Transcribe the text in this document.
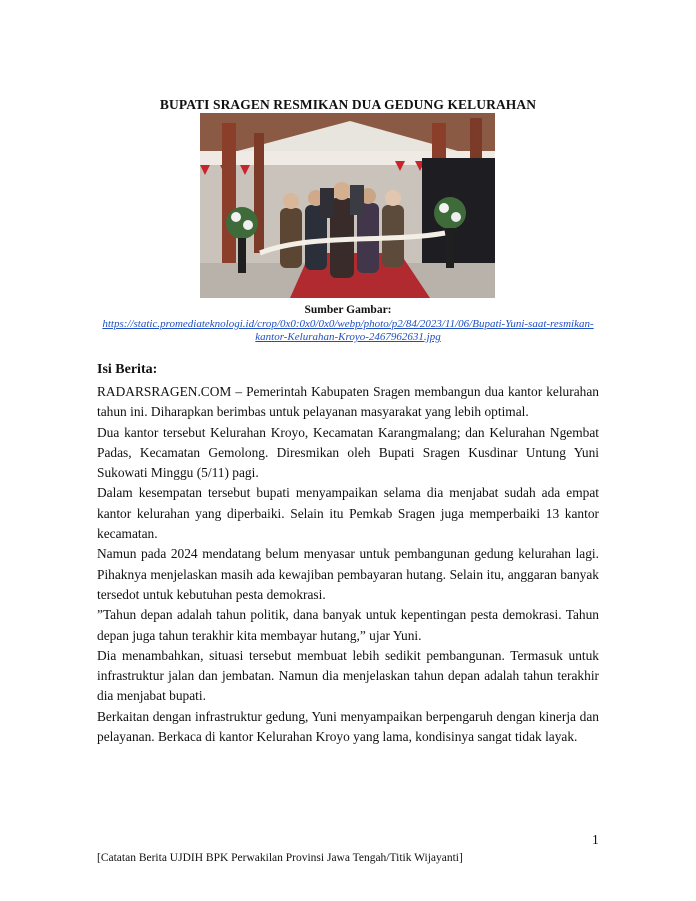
BUPATI SRAGEN RESMIKAN DUA GEDUNG KELURAHAN
Sumber Gambar:
https://static.promediateknologi.id/crop/0x0:0x0/0x0/webp/photo/p2/84/2023/11/06/Bupati-Yuni-saat-resmikan-kantor-Kelurahan-Kroyo-2467962631.jpg
Isi Berita:

RADARSRAGEN.COM – Pemerintah Kabupaten Sragen membangun dua kantor kelurahan tahun ini. Diharapkan berimbas untuk pelayanan masyarakat yang lebih optimal.

Dua kantor tersebut Kelurahan Kroyo, Kecamatan Karangmalang; dan Kelurahan Ngembat Padas, Kecamatan Gemolong. Diresmikan oleh Bupati Sragen Kusdinar Untung Yuni Sukowati Minggu (5/11) pagi.

Dalam kesempatan tersebut bupati menyampaikan selama dia menjabat sudah ada empat kantor kelurahan yang diperbaiki. Selain itu Pemkab Sragen juga memperbaiki 13 kantor kecamatan.

Namun pada 2024 mendatang belum menyasar untuk pembangunan gedung kelurahan lagi. Pihaknya menjelaskan masih ada kewajiban pembayaran hutang. Selain itu, anggaran banyak tersedot untuk kebutuhan pesta demokrasi.

”Tahun depan adalah tahun politik, dana banyak untuk kepentingan pesta demokrasi. Tahun depan juga tahun terakhir kita membayar hutang,” ujar Yuni.

Dia menambahkan, situasi tersebut membuat lebih sedikit pembangunan. Termasuk untuk infrastruktur jalan dan jembatan. Namun dia menjelaskan tahun depan adalah tahun terakhir dia menjabat bupati.

Berkaitan dengan infrastruktur gedung, Yuni menyampaikan berpengaruh dengan kinerja dan pelayanan. Berkaca di kantor Kelurahan Kroyo yang lama, kondisinya sangat tidak layak.

1
[Catatan Berita UJDIH BPK Perwakilan Provinsi Jawa Tengah/Titik Wijayanti]
